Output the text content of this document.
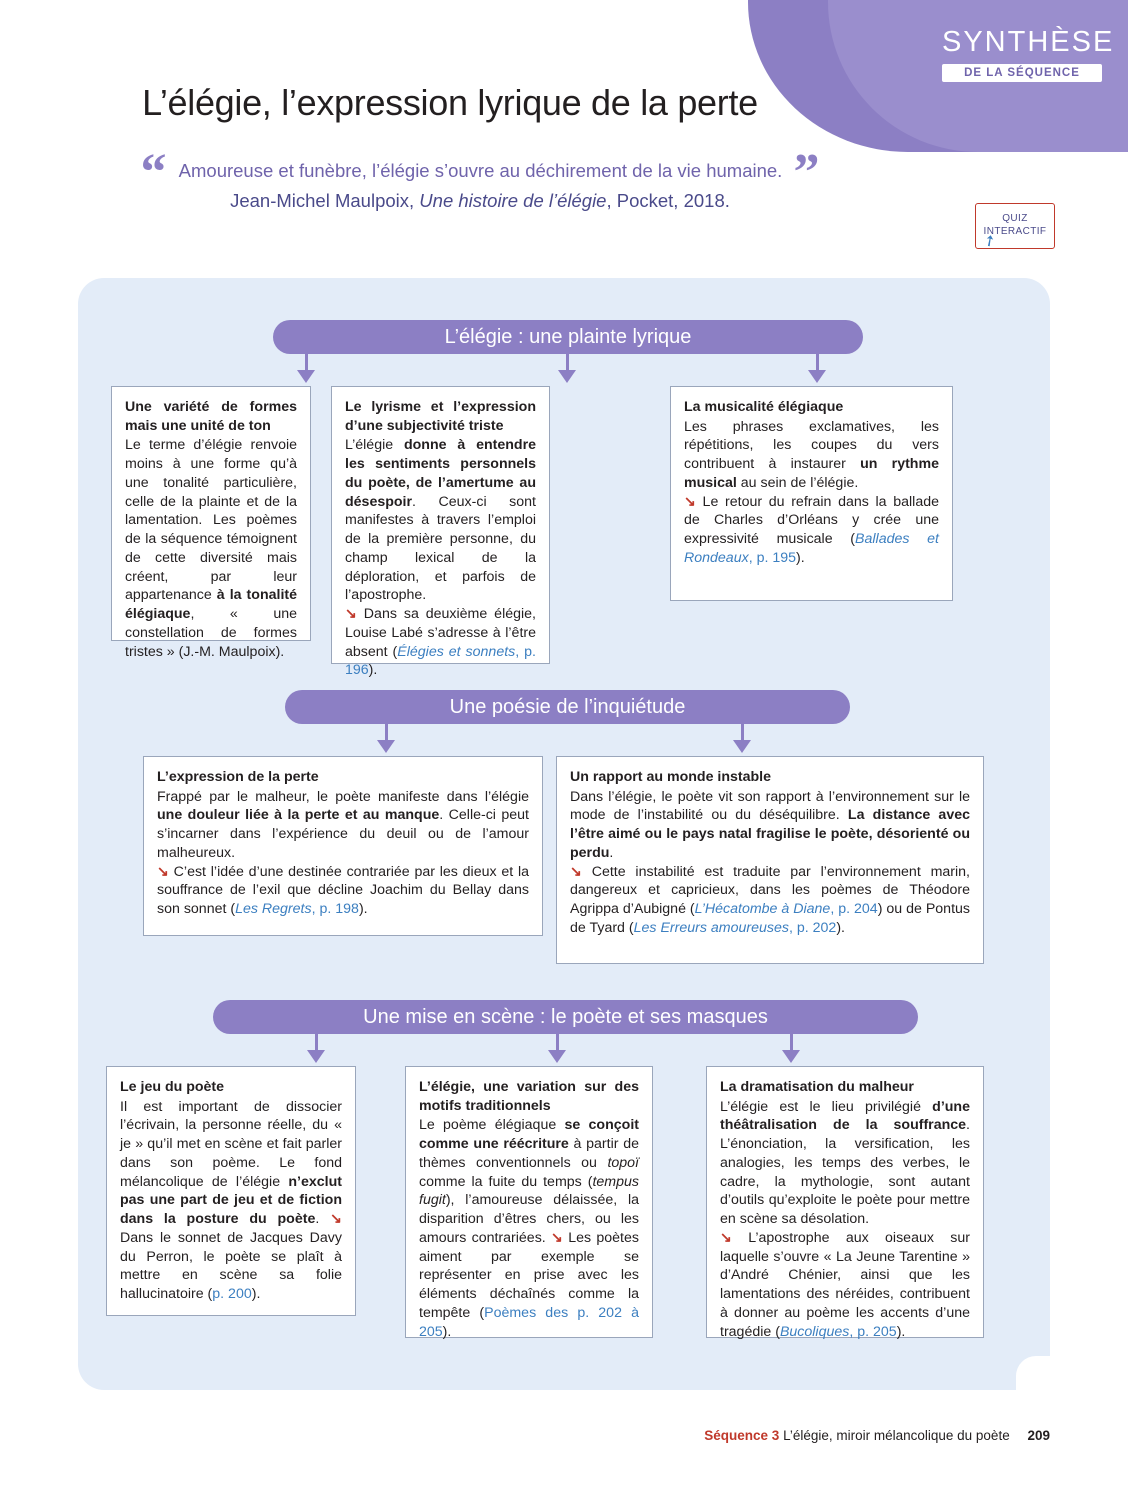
SYNTHÈSE
DE LA SÉQUENCE
L’élégie, l’expression lyrique de la perte
“ Amoureuse et funèbre, l’élégie s’ouvre au déchirement de la vie humaine. ”
Jean-Michel Maulpoix, Une histoire de l’élégie, Pocket, 2018.
QUIZ
INTERACTIF
➚
L’élégie : une plainte lyrique
Une variété de formes mais une unité de ton
Le terme d’élégie renvoie moins à une forme qu’à une tonalité particulière, celle de la plainte et de la lamentation. Les poèmes de la séquence témoignent de cette diversité mais créent, par leur appartenance à la tonalité élégiaque, « une constellation de formes tristes » (J.-M. Maulpoix).
Le lyrisme et l’expression d’une subjectivité triste
L’élégie donne à entendre les sentiments personnels du poète, de l’amertume au désespoir. Ceux-ci sont manifestes à travers l’emploi de la première personne, du champ lexical de la déploration, et parfois de l’apostrophe.
↘ Dans sa deuxième élégie, Louise Labé s’adresse à l’être absent (Élégies et sonnets, p. 196).
La musicalité élégiaque
Les phrases exclamatives, les répétitions, les coupes du vers contribuent à instaurer un rythme musical au sein de l’élégie.
↘ Le retour du refrain dans la ballade de Charles d’Orléans y crée une expressivité musicale (Ballades et Rondeaux, p. 195).
Une poésie de l’inquiétude
L’expression de la perte
Frappé par le malheur, le poète manifeste dans l’élégie une douleur liée à la perte et au manque. Celle-ci peut s’incarner dans l’expérience du deuil ou de l’amour malheureux.
↘ C’est l’idée d’une destinée contrariée par les dieux et la souffrance de l’exil que décline Joachim du Bellay dans son sonnet (Les Regrets, p. 198).
Un rapport au monde instable
Dans l’élégie, le poète vit son rapport à l’environnement sur le mode de l’instabilité ou du déséquilibre. La distance avec l’être aimé ou le pays natal fragilise le poète, désorienté ou perdu.
↘ Cette instabilité est traduite par l’environnement marin, dangereux et capricieux, dans les poèmes de Théodore Agrippa d’Aubigné (L’Hécatombe à Diane, p. 204) ou de Pontus de Tyard (Les Erreurs amoureuses, p. 202).
Une mise en scène : le poète et ses masques
Le jeu du poète
Il est important de dissocier l’écrivain, la personne réelle, du « je » qu’il met en scène et fait parler dans son poème. Le fond mélancolique de l’élégie n’exclut pas une part de jeu et de fiction dans la posture du poète. ↘ Dans le sonnet de Jacques Davy du Perron, le poète se plaît à mettre en scène sa folie hallucinatoire (p. 200).
L’élégie, une variation sur des motifs traditionnels
Le poème élégiaque se conçoit comme une réécriture à partir de thèmes conventionnels ou topoï comme la fuite du temps (tempus fugit), l’amoureuse délaissée, la disparition d’êtres chers, ou les amours contrariées. ↘ Les poètes aiment par exemple se représenter en prise avec les éléments déchaînés comme la tempête (Poèmes des p. 202 à 205).
La dramatisation du malheur
L’élégie est le lieu privilégié d’une théâtralisation de la souffrance. L’énonciation, la versification, les analogies, les temps des verbes, le cadre, la mythologie, sont autant d’outils qu’exploite le poète pour mettre en scène sa désolation.
↘ L’apostrophe aux oiseaux sur laquelle s’ouvre « La Jeune Tarentine » d’André Chénier, ainsi que les lamentations des néréides, contribuent à donner au poème les accents d’une tragédie (Bucoliques, p. 205).
Séquence 3 L’élégie, miroir mélancolique du poète 209
